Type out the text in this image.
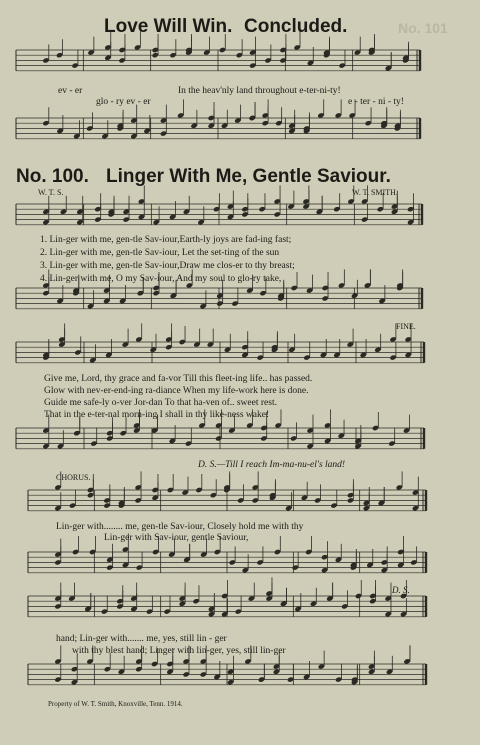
Love Will Win. Concluded.	No. 101
ev - er	In the heav'nly land throughout e-ter-ni-ty!
glo - ry ev - er	e - ter - ni - ty!
No. 100. Linger With Me, Gentle Saviour.
W. T. S.	W. T. SMITH.
1. Lin-ger with me, gen-tle Sav-iour,Earth-ly joys are fad-ing fast;
2. Lin-ger with me, gen-tle Sav-iour, Let the set-ting of the sun
3. Lin-ger with me, gen-tle Sav-iour,Draw me clos-er to thy breast;
4. Lin-ger with me, O my Sav-iour, And my soul to glo-ry take,
FINE.
Give me, Lord, thy grace and fa-vor Till this fleet-ing life.. has passed.
Glow with nev-er-end-ing ra-diance When my life-work here is done.
Guide me safe-ly o-ver Jor-dan To that ha-ven of.. sweet rest.
That in the e-ter-nal morn-ing I shall in thy like-ness wake!
D. S.—Till I reach Im-ma-nu-el's land!
CHORUS.
Lin-ger with........ me, gen-tle Sav-iour, Closely hold me with thy
Lin-ger with Sav-iour, gentle Saviour,
D. S.
hand; Lin-ger with....... me, yes, still lin - ger
with thy blest hand; Linger with lin-ger, yes, still lin-ger
Property of W. T. Smith, Knoxville, Tenn. 1914.
